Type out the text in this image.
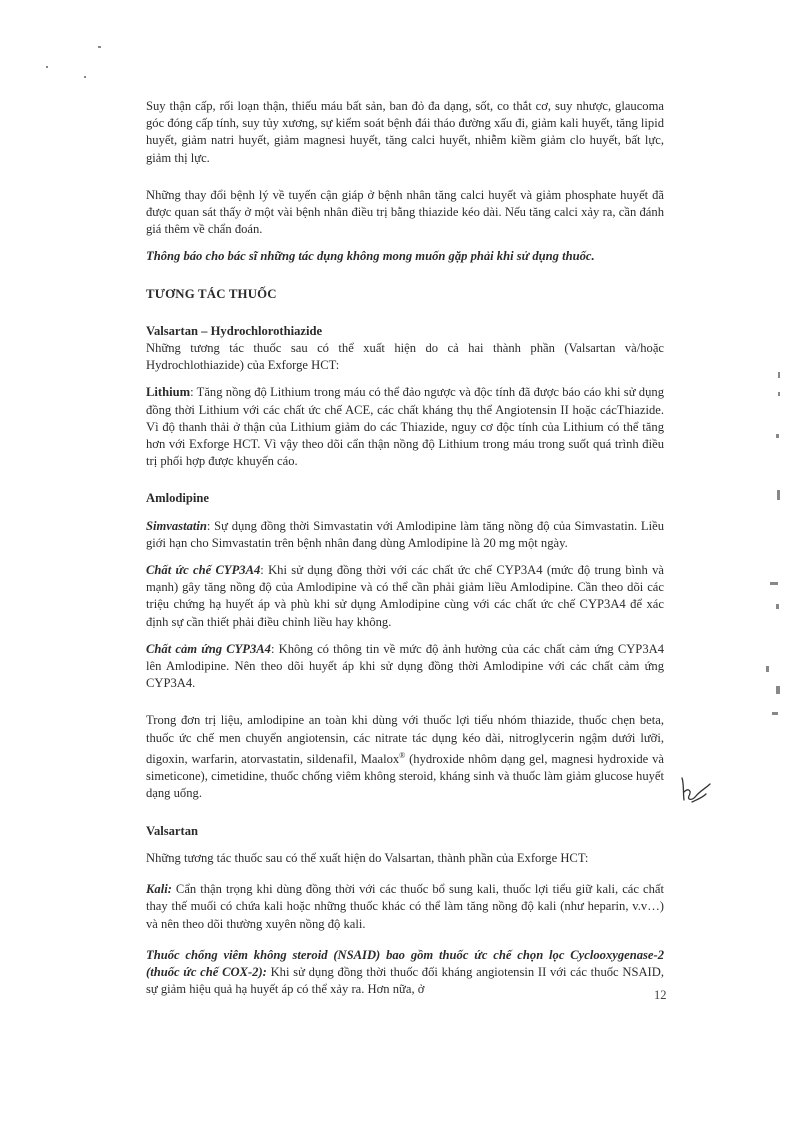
Suy thận cấp, rối loạn thận, thiếu máu bất sản, ban đỏ đa dạng, sốt, co thắt cơ, suy nhược, glaucoma góc đóng cấp tính, suy tủy xương, sự kiểm soát bệnh đái tháo đường xấu đi, giảm kali huyết, tăng lipid huyết, giảm natri huyết, giảm magnesi huyết, tăng calci huyết, nhiễm kiềm giảm clo huyết, bất lực, giảm thị lực.

Những thay đổi bệnh lý về tuyến cận giáp ở bệnh nhân tăng calci huyết và giảm phosphate huyết đã được quan sát thấy ở một vài bệnh nhân điều trị bằng thiazide kéo dài. Nếu tăng calci xảy ra, cần đánh giá thêm về chẩn đoán.

Thông báo cho bác sĩ những tác dụng không mong muốn gặp phải khi sử dụng thuốc.

TƯƠNG TÁC THUỐC

Valsartan – Hydrochlorothiazide

Những tương tác thuốc sau có thể xuất hiện do cả hai thành phần (Valsartan và/hoặc Hydrochlothiazide) của Exforge HCT:

Lithium: Tăng nồng độ Lithium trong máu có thể đảo ngược và độc tính đã được báo cáo khi sử dụng đồng thời Lithium với các chất ức chế ACE, các chất kháng thụ thể Angiotensin II hoặc cácThiazide. Vì độ thanh thải ở thận của Lithium giảm do các Thiazide, nguy cơ độc tính của Lithium có thể tăng hơn với Exforge HCT. Vì vậy theo dõi cẩn thận nồng độ Lithium trong máu trong suốt quá trình điều trị phối hợp được khuyến cáo.

Amlodipine

Simvastatin: Sự dụng đồng thời Simvastatin với Amlodipine làm tăng nồng độ của Simvastatin. Liều giới hạn cho Simvastatin trên bệnh nhân đang dùng Amlodipine là 20 mg một ngày.

Chất ức chế CYP3A4: Khi sử dụng đồng thời với các chất ức chế CYP3A4 (mức độ trung bình và mạnh) gây tăng nồng độ của Amlodipine và có thể cần phải giảm liều Amlodipine. Cần theo dõi các triệu chứng hạ huyết áp và phù khi sử dụng Amlodipine cùng với các chất ức chế CYP3A4 để xác định sự cần thiết phải điều chỉnh liều hay không.

Chất cảm ứng CYP3A4: Không có thông tin về mức độ ảnh hưởng của các chất cảm ứng CYP3A4 lên Amlodipine. Nên theo dõi huyết áp khi sử dụng đồng thời Amlodipine với các chất cảm ứng CYP3A4.

Trong đơn trị liệu, amlodipine an toàn khi dùng với thuốc lợi tiểu nhóm thiazide, thuốc chẹn beta, thuốc ức chế men chuyển angiotensin, các nitrate tác dụng kéo dài, nitroglycerin ngậm dưới lưỡi, digoxin, warfarin, atorvastatin, sildenafil, Maalox® (hydroxide nhôm dạng gel, magnesi hydroxide và simeticone), cimetidine, thuốc chống viêm không steroid, kháng sinh và thuốc làm giảm glucose huyết dạng uống.

Valsartan

Những tương tác thuốc sau có thể xuất hiện do Valsartan, thành phần của Exforge HCT:

Kali: Cẩn thận trọng khi dùng đồng thời với các thuốc bổ sung kali, thuốc lợi tiểu giữ kali, các chất thay thế muối có chứa kali hoặc những thuốc khác có thể làm tăng nồng độ kali (như heparin, v.v…) và nên theo dõi thường xuyên nồng độ kali.

Thuốc chống viêm không steroid (NSAID) bao gồm thuốc ức chế chọn lọc Cyclooxygenase-2 (thuốc ức chế COX-2): Khi sử dụng đồng thời thuốc đối kháng angiotensin II với các thuốc NSAID, sự giảm hiệu quả hạ huyết áp có thể xảy ra. Hơn nữa, ở	12
